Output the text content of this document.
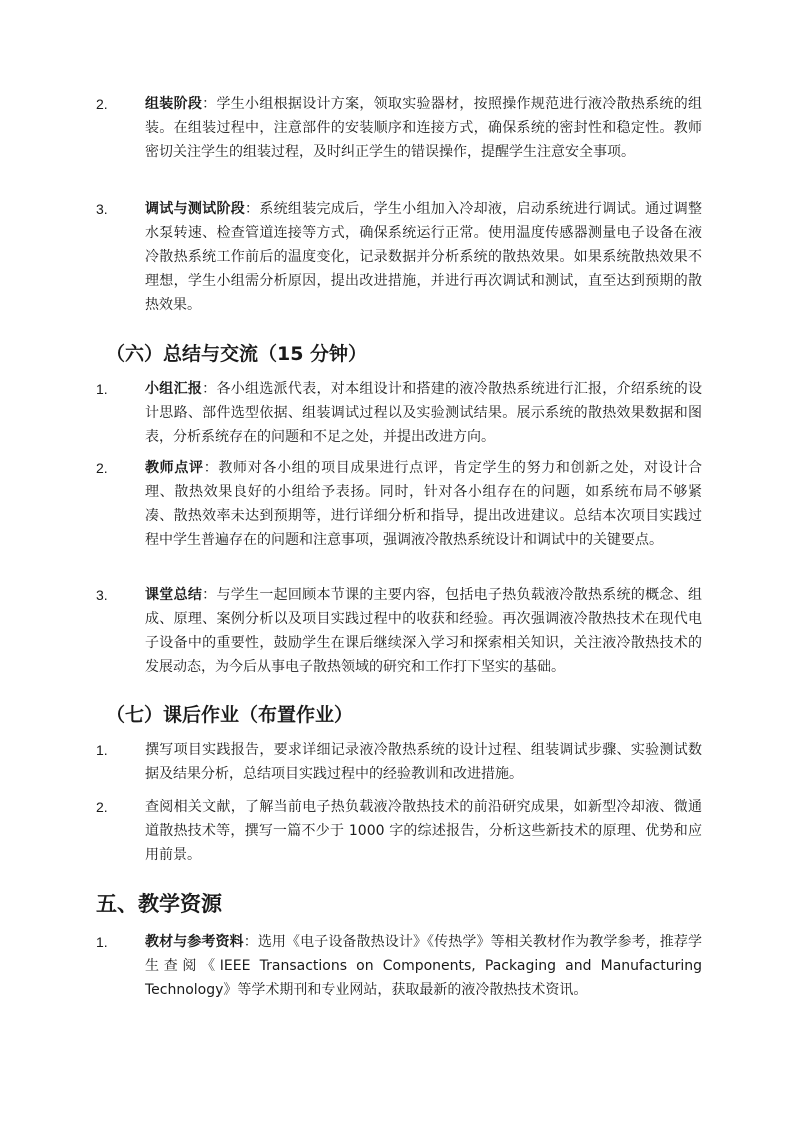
2.	组装阶段：学生小组根据设计方案，领取实验器材，按照操作规范进行液冷散热系统的组装。在组装过程中，注意部件的安装顺序和连接方式，确保系统的密封性和稳定性。教师密切关注学生的组装过程，及时纠正学生的错误操作，提醒学生注意安全事项。
3.	调试与测试阶段：系统组装完成后，学生小组加入冷却液，启动系统进行调试。通过调整水泵转速、检查管道连接等方式，确保系统运行正常。使用温度传感器测量电子设备在液冷散热系统工作前后的温度变化，记录数据并分析系统的散热效果。如果系统散热效果不理想，学生小组需分析原因，提出改进措施，并进行再次调试和测试，直至达到预期的散热效果。
（六）总结与交流（15 分钟）
1.	小组汇报：各小组选派代表，对本组设计和搭建的液冷散热系统进行汇报，介绍系统的设计思路、部件选型依据、组装调试过程以及实验测试结果。展示系统的散热效果数据和图表，分析系统存在的问题和不足之处，并提出改进方向。
2.	教师点评：教师对各小组的项目成果进行点评，肯定学生的努力和创新之处，对设计合理、散热效果良好的小组给予表扬。同时，针对各小组存在的问题，如系统布局不够紧凑、散热效率未达到预期等，进行详细分析和指导，提出改进建议。总结本次项目实践过程中学生普遍存在的问题和注意事项，强调液冷散热系统设计和调试中的关键要点。
3.	课堂总结：与学生一起回顾本节课的主要内容，包括电子热负载液冷散热系统的概念、组成、原理、案例分析以及项目实践过程中的收获和经验。再次强调液冷散热技术在现代电子设备中的重要性，鼓励学生在课后继续深入学习和探索相关知识，关注液冷散热技术的发展动态，为今后从事电子散热领域的研究和工作打下坚实的基础。
（七）课后作业（布置作业）
1.	撰写项目实践报告，要求详细记录液冷散热系统的设计过程、组装调试步骤、实验测试数据及结果分析，总结项目实践过程中的经验教训和改进措施。
2.	查阅相关文献，了解当前电子热负载液冷散热技术的前沿研究成果，如新型冷却液、微通道散热技术等，撰写一篇不少于 1000 字的综述报告，分析这些新技术的原理、优势和应用前景。
五、教学资源
1.	教材与参考资料：选用《电子设备散热设计》《传热学》等相关教材作为教学参考，推荐学生查阅《IEEE Transactions on Components, Packaging and Manufacturing Technology》等学术期刊和专业网站，获取最新的液冷散热技术资讯。
